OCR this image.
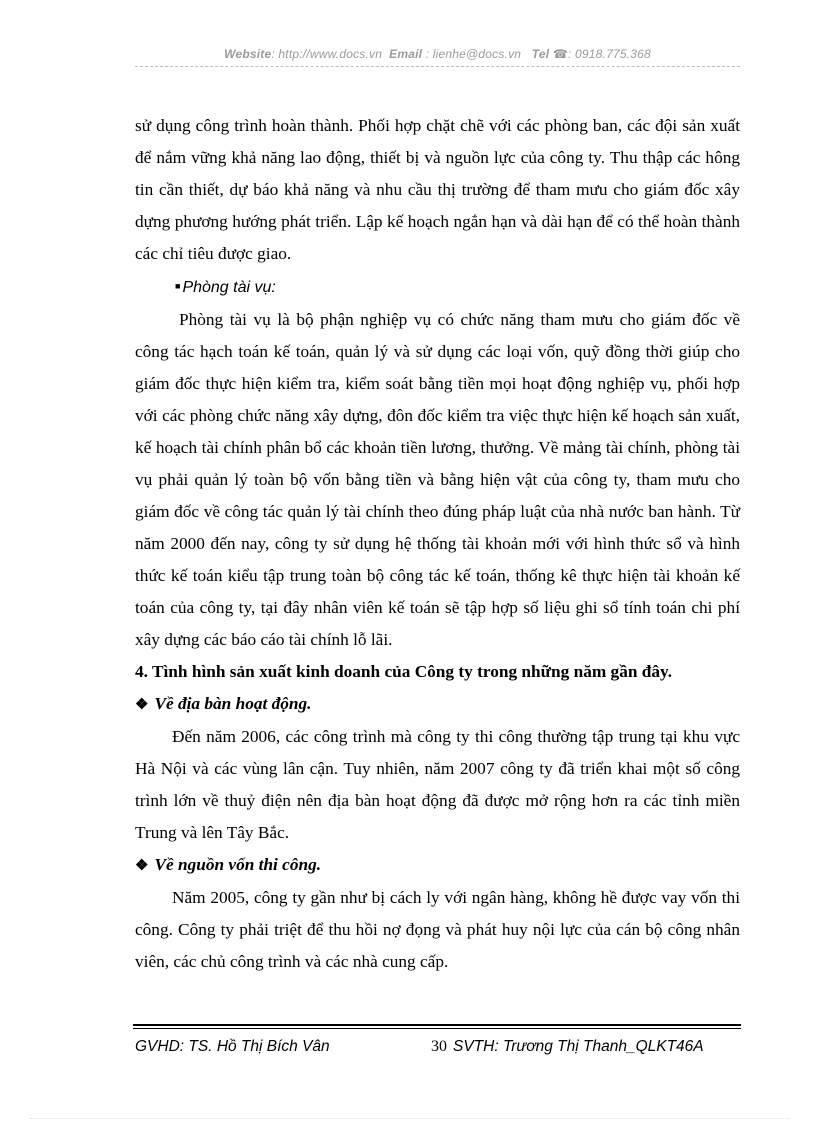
Website: http://www.docs.vn Email : lienhe@docs.vn Tel ☎: 0918.775.368

sử dụng công trình hoàn thành. Phối hợp chặt chẽ với các phòng ban, các đội sản xuất để nắm vững khả năng lao động, thiết bị và nguồn lực của công ty. Thu thập các hông tin cần thiết, dự báo khả năng và nhu cầu thị trường để tham mưu cho giám đốc xây dựng phương hướng phát triển. Lập kế hoạch ngắn hạn và dài hạn để có thể hoàn thành các chỉ tiêu được giao.

■ Phòng tài vụ:

Phòng tài vụ là bộ phận nghiệp vụ có chức năng tham mưu cho giám đốc về công tác hạch toán kế toán, quản lý và sử dụng các loại vốn, quỹ đồng thời giúp cho giám đốc thực hiện kiểm tra, kiểm soát bằng tiền mọi hoạt động nghiệp vụ, phối hợp với các phòng chức năng xây dựng, đôn đốc kiểm tra việc thực hiện kế hoạch sản xuất, kế hoạch tài chính phân bổ các khoản tiền lương, thưởng. Về mảng tài chính, phòng tài vụ phải quản lý toàn bộ vốn bằng tiền và bằng hiện vật của công ty, tham mưu cho giám đốc về công tác quản lý tài chính theo đúng pháp luật của nhà nước ban hành. Từ năm 2000 đến nay, công ty sử dụng hệ thống tài khoản mới với hình thức sổ và hình thức kế toán kiểu tập trung toàn bộ công tác kế toán, thống kê thực hiện tài khoản kế toán của công ty, tại đây nhân viên kế toán sẽ tập hợp số liệu ghi sổ tính toán chi phí xây dựng các báo cáo tài chính lỗ lãi.

4. Tình hình sản xuất kinh doanh của Công ty trong những năm gần đây.

❖ Về địa bàn hoạt động.

Đến năm 2006, các công trình mà công ty thi công thường tập trung tại khu vực Hà Nội và các vùng lân cận. Tuy nhiên, năm 2007 công ty đã triển khai một số công trình lớn về thuỷ điện nên địa bàn hoạt động đã được mở rộng hơn ra các tỉnh miền Trung và lên Tây Bắc.

❖ Về nguồn vốn thi công.

Năm 2005, công ty gần như bị cách ly với ngân hàng, không hề được vay vốn thi công. Công ty phải triệt để thu hồi nợ đọng và phát huy nội lực của cán bộ công nhân viên, các chủ công trình và các nhà cung cấp.

GVHD: TS. Hồ Thị Bích Vân	30 SVTH: Trương Thị Thanh_QLKT46A
